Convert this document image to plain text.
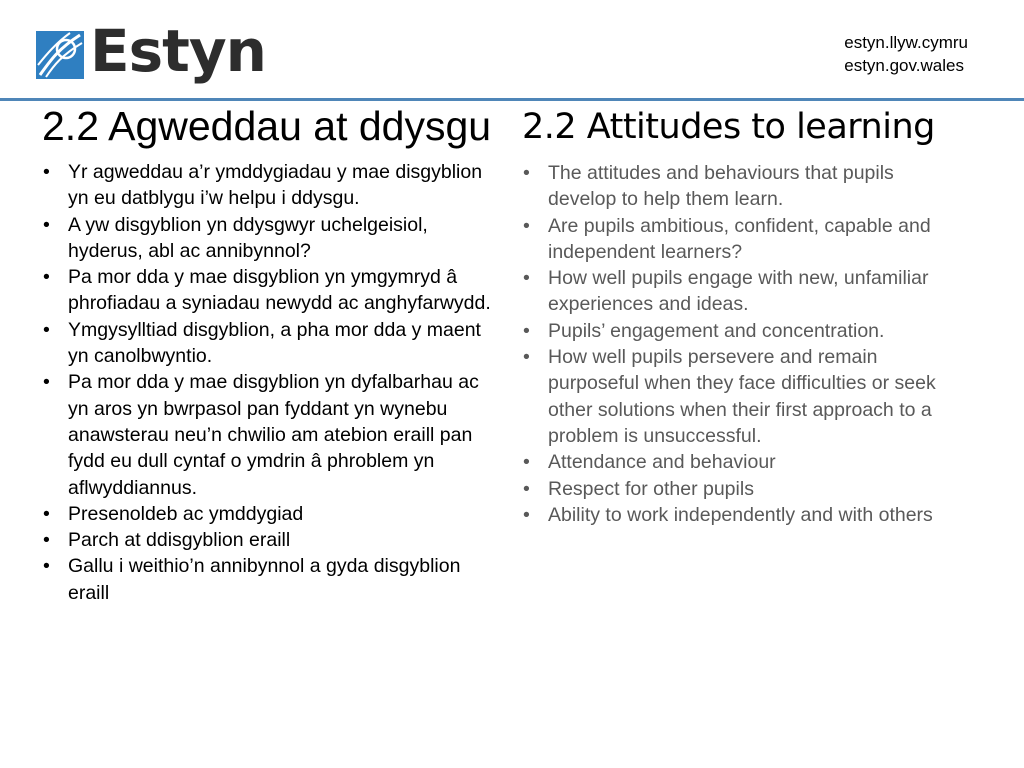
Estyn	estyn.llyw.cymru
estyn.gov.wales
2.2 Agweddau at ddysgu
• Yr agweddau a’r ymddygiadau y mae disgyblion yn eu datblygu i’w helpu i ddysgu.
• A yw disgyblion yn ddysgwyr uchelgeisiol, hyderus, abl ac annibynnol?
• Pa mor dda y mae disgyblion yn ymgymryd â phrofiadau a syniadau newydd ac anghyfarwydd.
• Ymgysylltiad disgyblion, a pha mor dda y maent yn canolbwyntio.
• Pa mor dda y mae disgyblion yn dyfalbarhau ac yn aros yn bwrpasol pan fyddant yn wynebu anawsterau neu’n chwilio am atebion eraill pan fydd eu dull cyntaf o ymdrin â phroblem yn aflwyddiannus.
• Presenoldeb ac ymddygiad
• Parch at ddisgyblion eraill
• Gallu i weithio’n annibynnol a gyda disgyblion eraill
2.2 Attitudes to learning
• The attitudes and behaviours that pupils develop to help them learn.
• Are pupils ambitious, confident, capable and independent learners?
• How well pupils engage with new, unfamiliar experiences and ideas.
• Pupils’ engagement and concentration.
• How well pupils persevere and remain purposeful when they face difficulties or seek other solutions when their first approach to a problem is unsuccessful.
• Attendance and behaviour
• Respect for other pupils
• Ability to work independently and with others
